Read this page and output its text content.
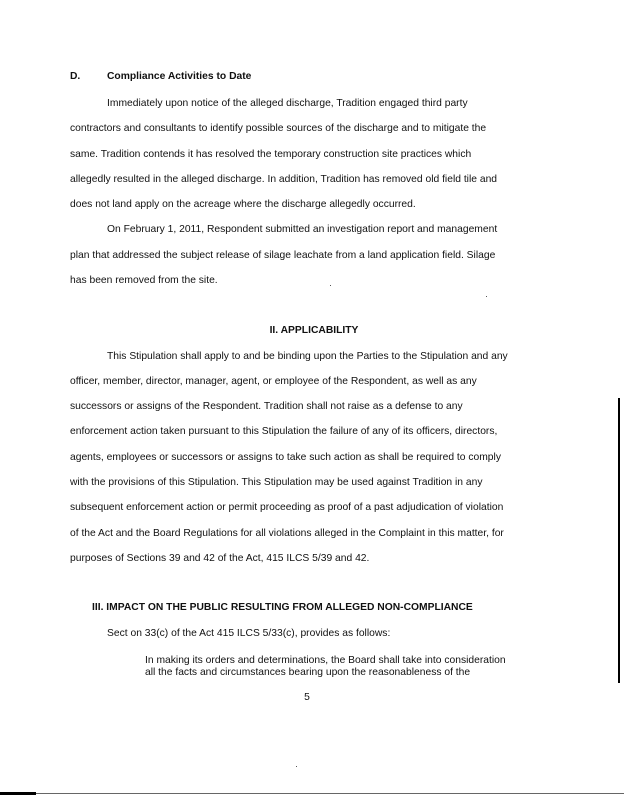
D.	Compliance Activities to Date
Immediately upon notice of the alleged discharge, Tradition engaged third party
contractors and consultants to identify possible sources of the discharge and to mitigate the
same. Tradition contends it has resolved the temporary construction site practices which
allegedly resulted in the alleged discharge. In addition, Tradition has removed old field tile and
does not land apply on the acreage where the discharge allegedly occurred.
On February 1, 2011, Respondent submitted an investigation report and management
plan that addressed the subject release of silage leachate from a land application field. Silage
has been removed from the site.
II. APPLICABILITY
This Stipulation shall apply to and be binding upon the Parties to the Stipulation and any
officer, member, director, manager, agent, or employee of the Respondent, as well as any
successors or assigns of the Respondent. Tradition shall not raise as a defense to any
enforcement action taken pursuant to this Stipulation the failure of any of its officers, directors,
agents, employees or successors or assigns to take such action as shall be required to comply
with the provisions of this Stipulation. This Stipulation may be used against Tradition in any
subsequent enforcement action or permit proceeding as proof of a past adjudication of violation
of the Act and the Board Regulations for all violations alleged in the Complaint in this matter, for
purposes of Sections 39 and 42 of the Act, 415 ILCS 5/39 and 42.
III. IMPACT ON THE PUBLIC RESULTING FROM ALLEGED NON-COMPLIANCE
Sect on 33(c) of the Act 415 ILCS 5/33(c), provides as follows:
In making its orders and determinations, the Board shall take into consideration
all the facts and circumstances bearing upon the reasonableness of the
5
